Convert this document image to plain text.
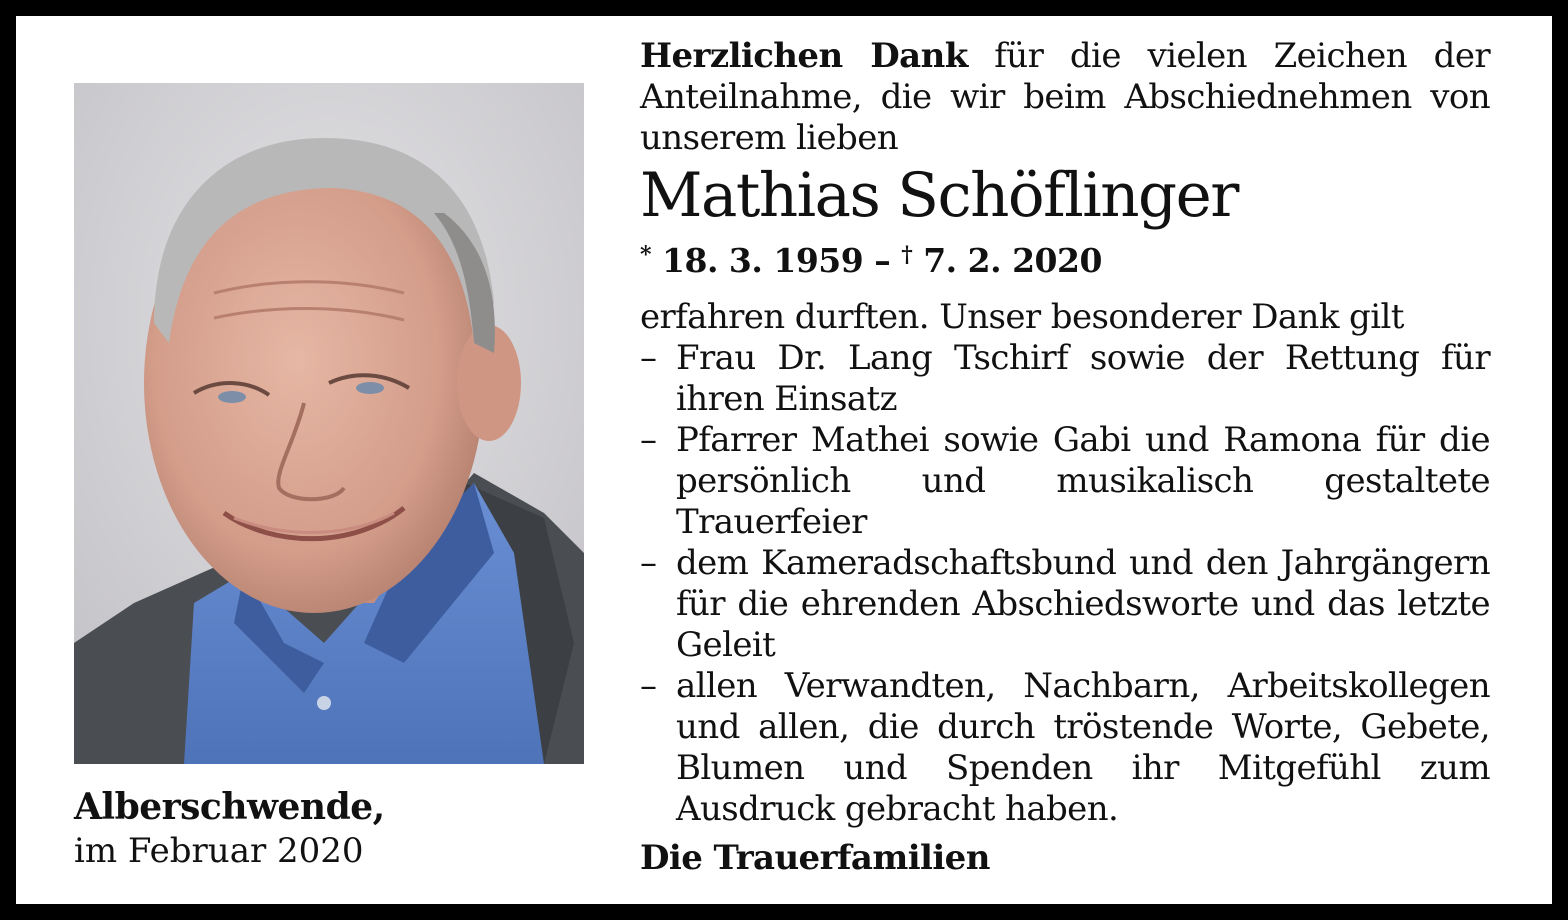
Alberschwende,
im Februar 2020

Herzlichen Dank für die vielen Zeichen der Anteilnahme, die wir beim Abschiednehmen von unserem lieben

Mathias Schöflinger
* 18. 3. 1959 – † 7. 2. 2020

erfahren durften. Unser besonderer Dank gilt

– Frau Dr. Lang Tschirf sowie der Rettung für ihren Einsatz
– Pfarrer Mathei sowie Gabi und Ramona für die persönlich und musikalisch gestaltete Trauerfeier
– dem Kameradschaftsbund und den Jahrgängern für die ehrenden Abschiedsworte und das letzte Geleit
– allen Verwandten, Nachbarn, Arbeitskollegen und allen, die durch tröstende Worte, Gebete, Blumen und Spenden ihr Mitgefühl zum Ausdruck gebracht haben.

Die Trauerfamilien
